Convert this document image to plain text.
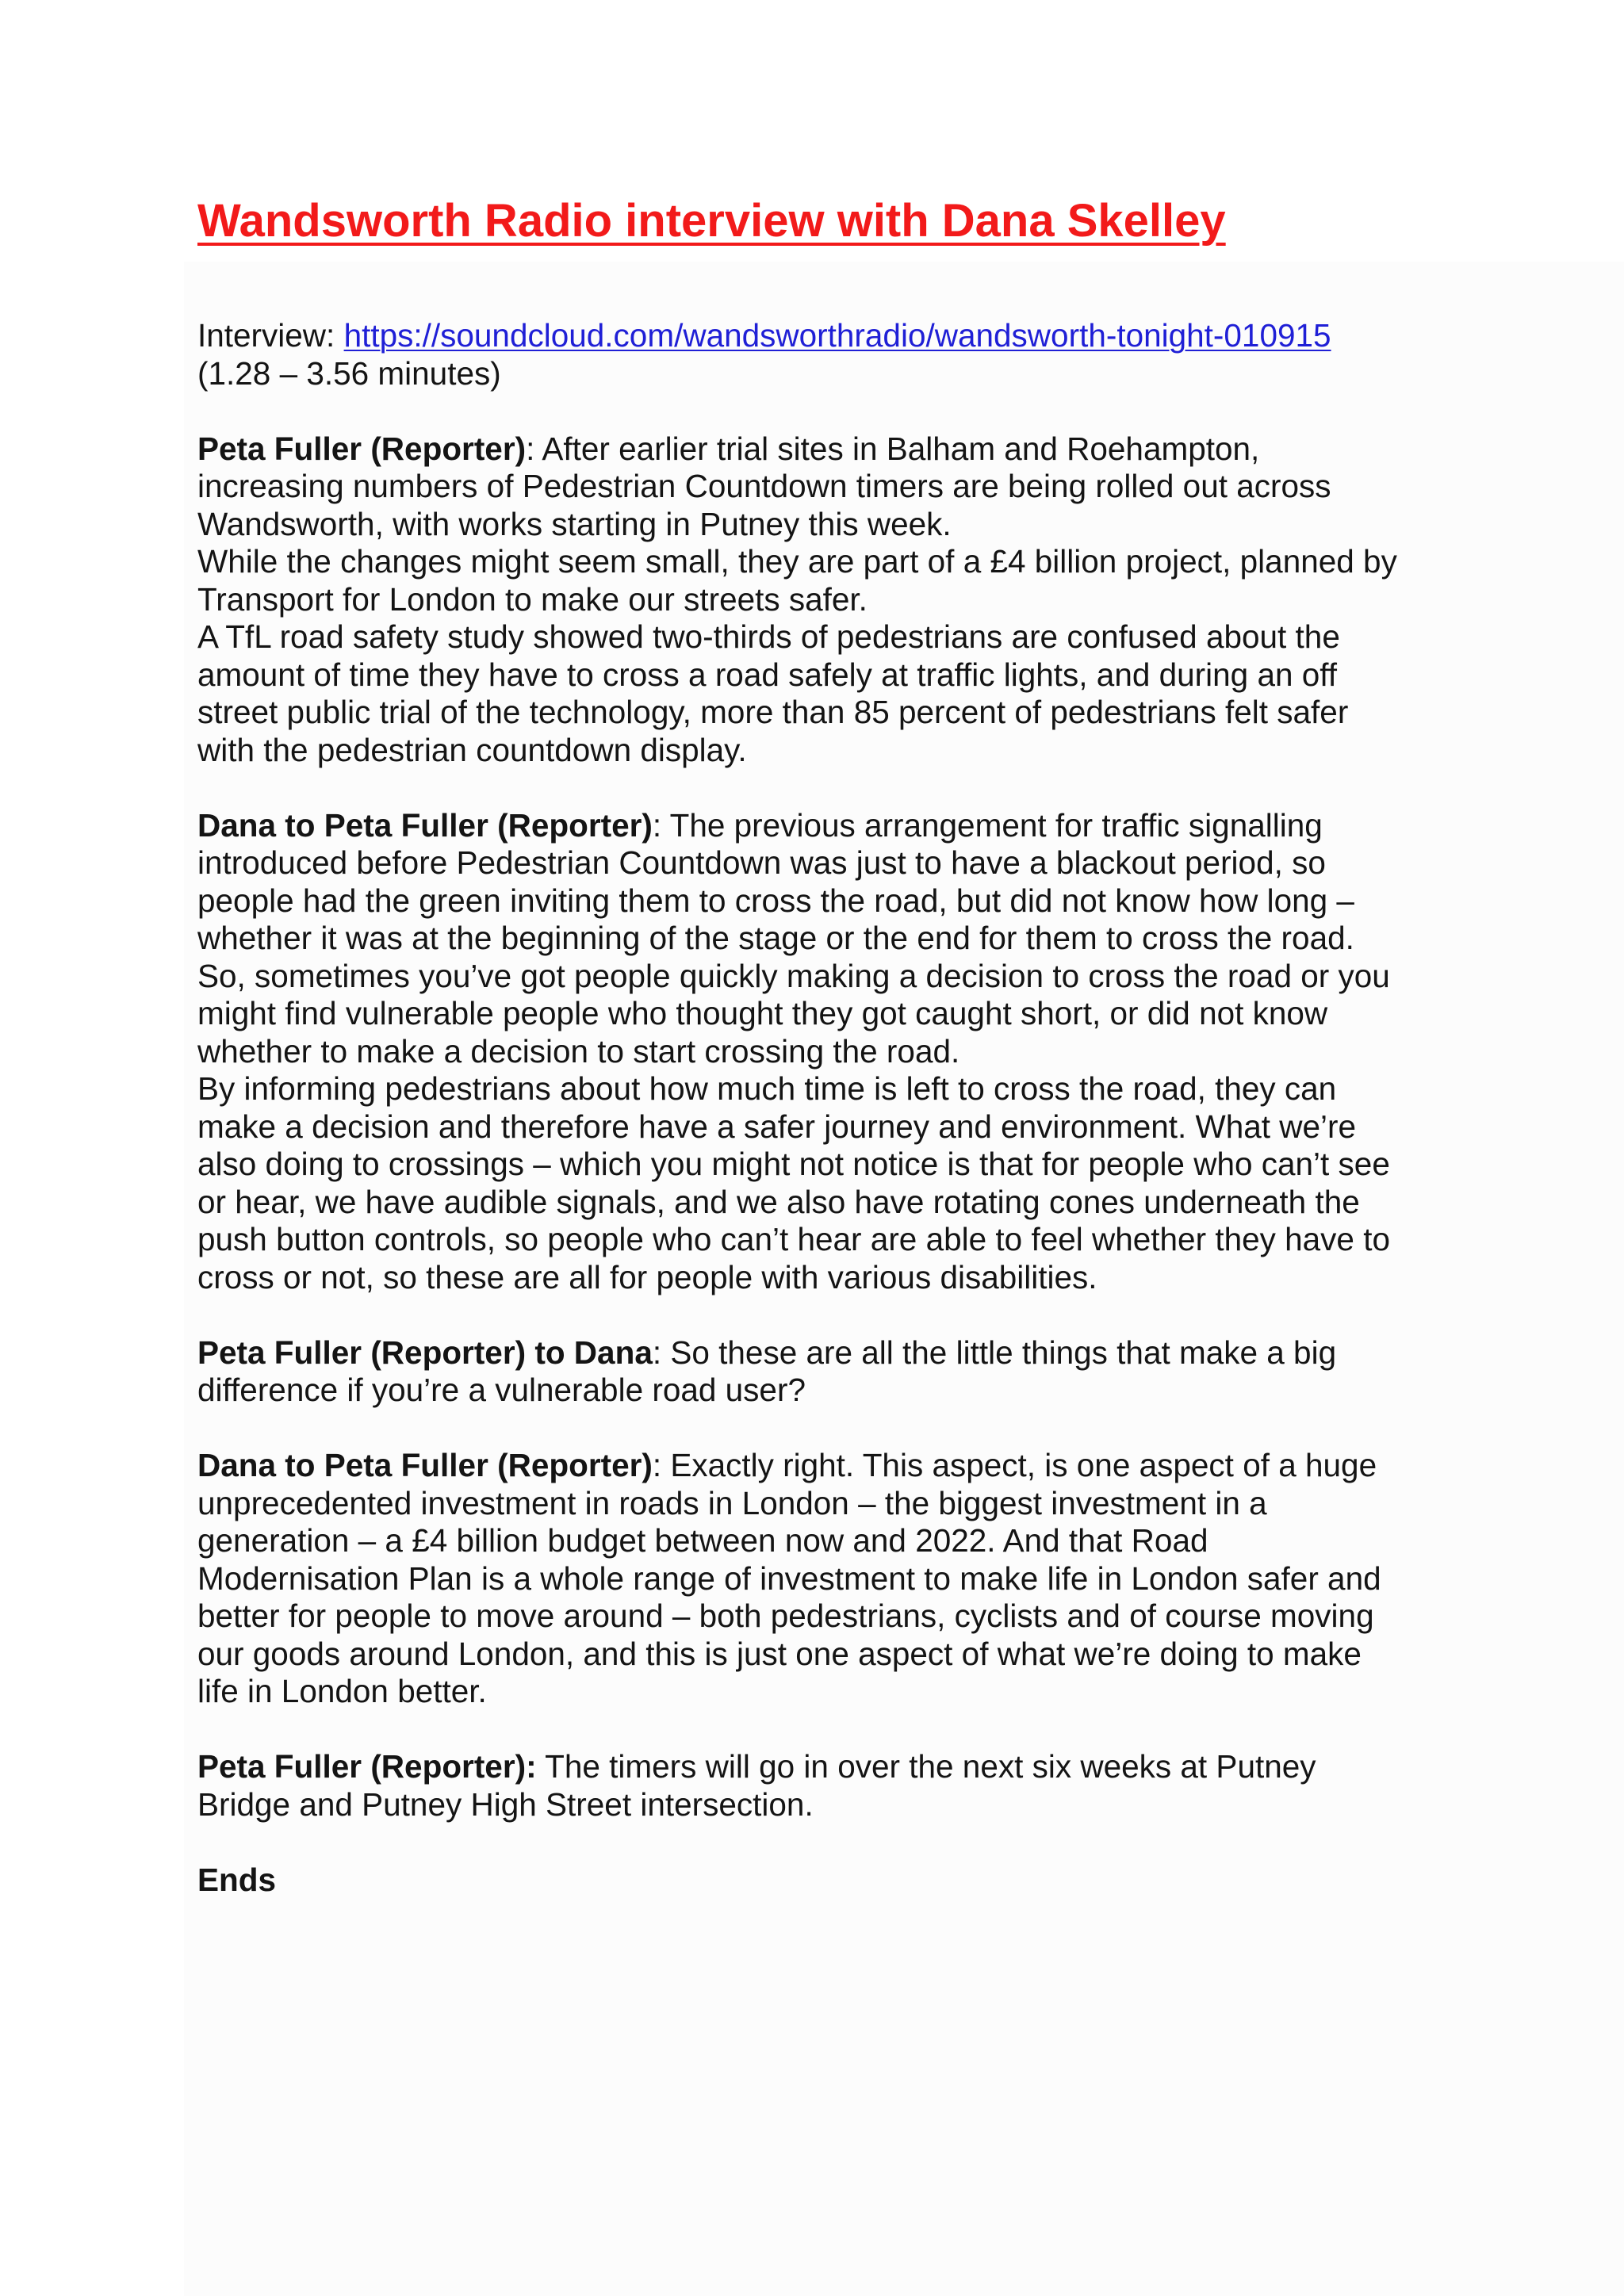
Wandsworth Radio interview with Dana Skelley
Interview: https://soundcloud.com/wandsworthradio/wandsworth-tonight-010915
(1.28 – 3.56 minutes)
Peta Fuller (Reporter): After earlier trial sites in Balham and Roehampton,
increasing numbers of Pedestrian Countdown timers are being rolled out across
Wandsworth, with works starting in Putney this week.
While the changes might seem small, they are part of a £4 billion project, planned by
Transport for London to make our streets safer.
A TfL road safety study showed two-thirds of pedestrians are confused about the
amount of time they have to cross a road safely at traffic lights, and during an off
street public trial of the technology, more than 85 percent of pedestrians felt safer
with the pedestrian countdown display.
Dana to Peta Fuller (Reporter): The previous arrangement for traffic signalling
introduced before Pedestrian Countdown was just to have a blackout period, so
people had the green inviting them to cross the road, but did not know how long –
whether it was at the beginning of the stage or the end for them to cross the road.
So, sometimes you’ve got people quickly making a decision to cross the road or you
might find vulnerable people who thought they got caught short, or did not know
whether to make a decision to start crossing the road.
By informing pedestrians about how much time is left to cross the road, they can
make a decision and therefore have a safer journey and environment. What we’re
also doing to crossings – which you might not notice is that for people who can’t see
or hear, we have audible signals, and we also have rotating cones underneath the
push button controls, so people who can’t hear are able to feel whether they have to
cross or not, so these are all for people with various disabilities.
Peta Fuller (Reporter) to Dana: So these are all the little things that make a big
difference if you’re a vulnerable road user?
Dana to Peta Fuller (Reporter): Exactly right. This aspect, is one aspect of a huge
unprecedented investment in roads in London – the biggest investment in a
generation – a £4 billion budget between now and 2022. And that Road
Modernisation Plan is a whole range of investment to make life in London safer and
better for people to move around – both pedestrians, cyclists and of course moving
our goods around London, and this is just one aspect of what we’re doing to make
life in London better.
Peta Fuller (Reporter): The timers will go in over the next six weeks at Putney
Bridge and Putney High Street intersection.
Ends
